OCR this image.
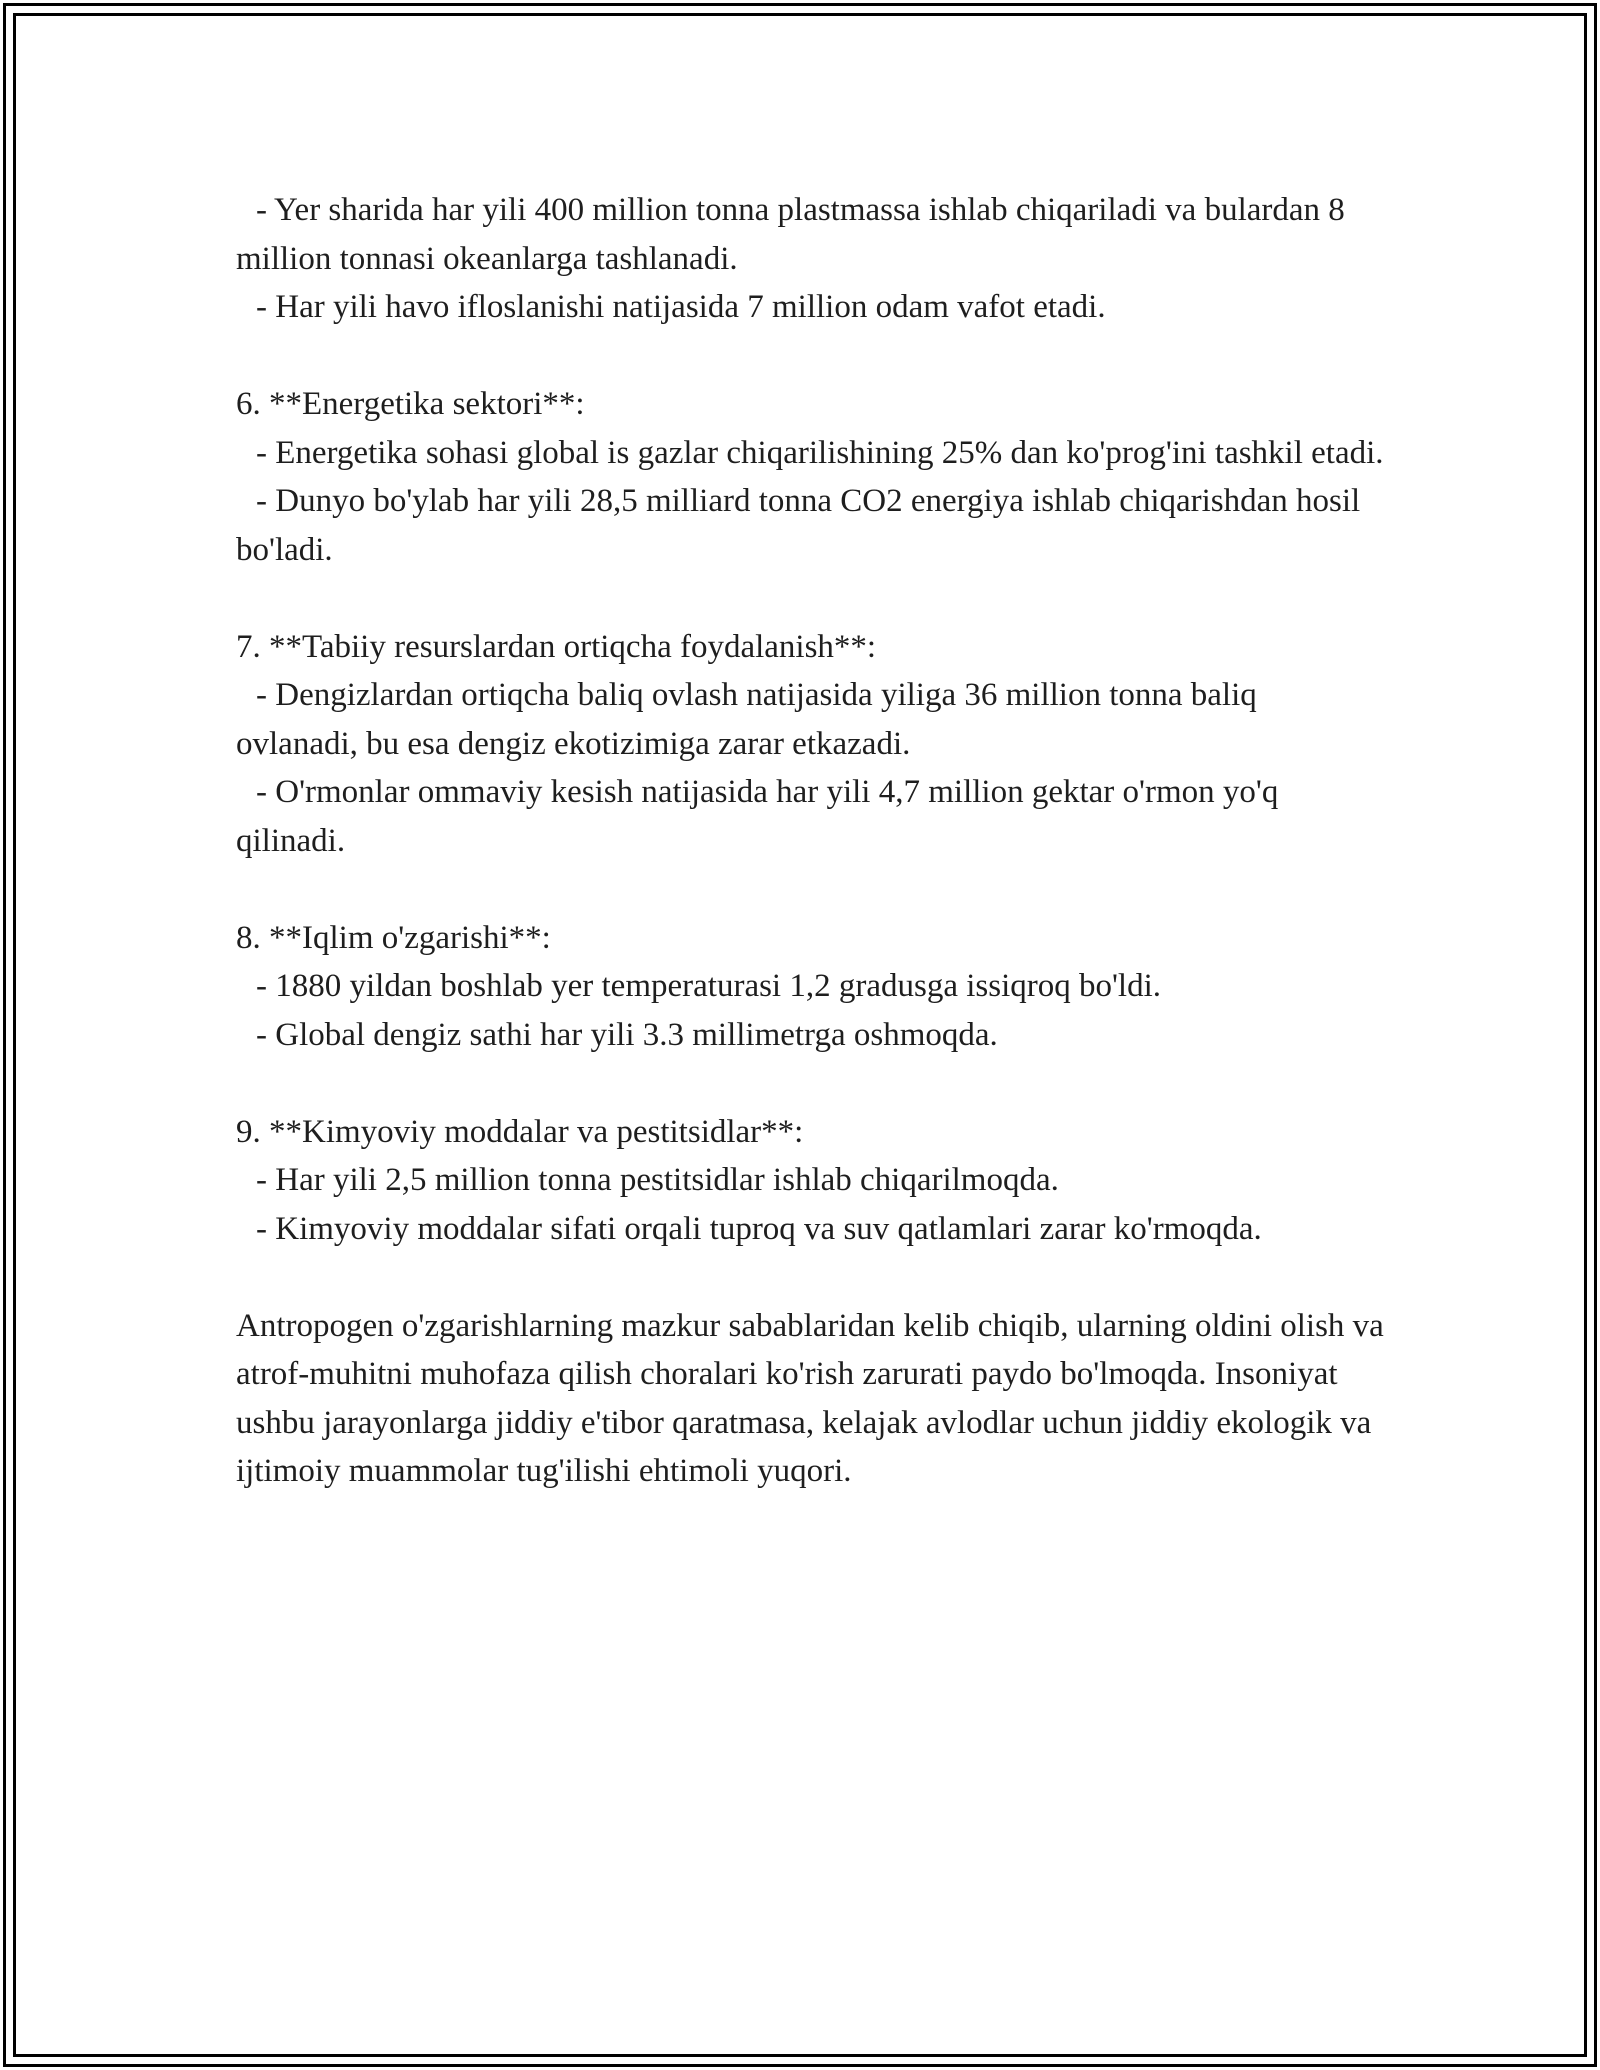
- Yer sharida har yili 400 million tonna plastmassa ishlab chiqariladi va bulardan 8 million tonnasi okeanlarga tashlanadi.

- Har yili havo ifloslanishi natijasida 7 million odam vafot etadi.

6. **Energetika sektori**:

- Energetika sohasi global is gazlar chiqarilishining 25% dan ko'prog'ini tashkil etadi.

- Dunyo bo'ylab har yili 28,5 milliard tonna CO2 energiya ishlab chiqarishdan hosil bo'ladi.

7. **Tabiiy resurslardan ortiqcha foydalanish**:

- Dengizlardan ortiqcha baliq ovlash natijasida yiliga 36 million tonna baliq ovlanadi, bu esa dengiz ekotizimiga zarar etkazadi.

- O'rmonlar ommaviy kesish natijasida har yili 4,7 million gektar o'rmon yo'q qilinadi.

8. **Iqlim o'zgarishi**:

- 1880 yildan boshlab yer temperaturasi 1,2 gradusga issiqroq bo'ldi.

- Global dengiz sathi har yili 3.3 millimetrga oshmoqda.

9. **Kimyoviy moddalar va pestitsidlar**:

- Har yili 2,5 million tonna pestitsidlar ishlab chiqarilmoqda.

- Kimyoviy moddalar sifati orqali tuproq va suv qatlamlari zarar ko'rmoqda.

Antropogen o'zgarishlarning mazkur sabablaridan kelib chiqib, ularning oldini olish va atrof-muhitni muhofaza qilish choralari ko'rish zarurati paydo bo'lmoqda. Insoniyat ushbu jarayonlarga jiddiy e'tibor qaratmasa, kelajak avlodlar uchun jiddiy ekologik va ijtimoiy muammolar tug'ilishi ehtimoli yuqori.
